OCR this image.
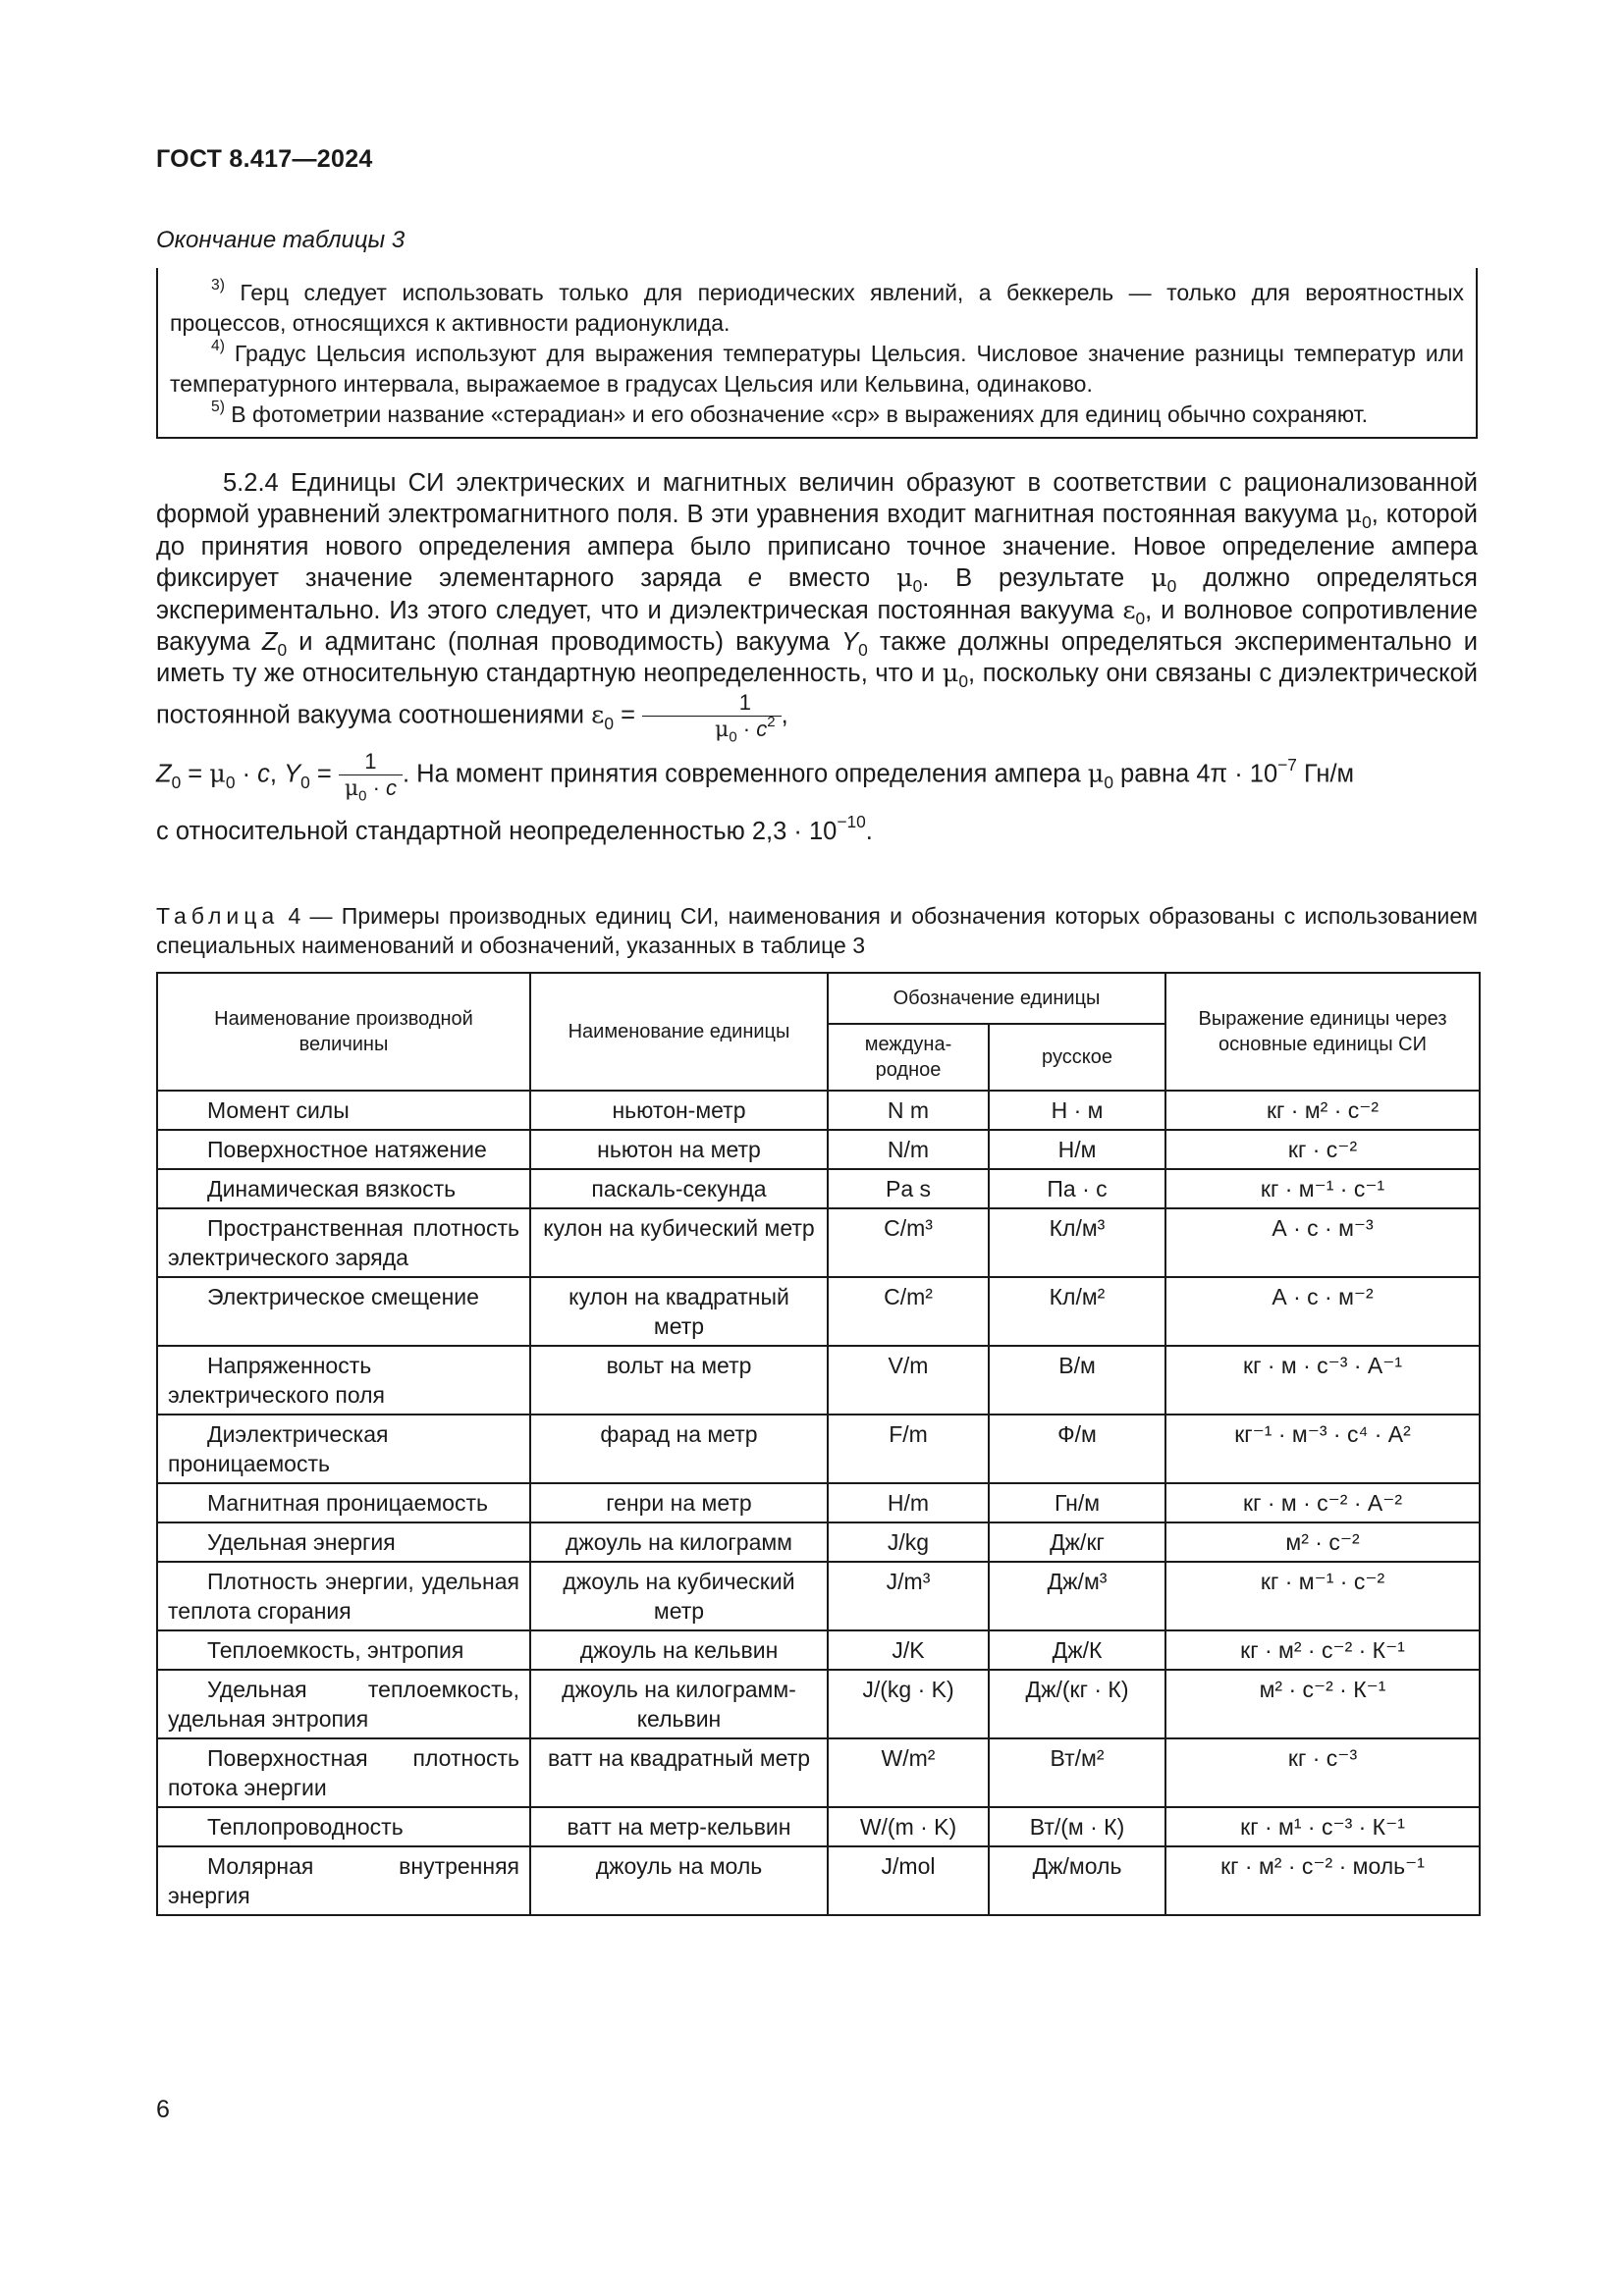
ГОСТ 8.417—2024
Окончание таблицы 3

$^{3)}$ Герц следует использовать только для периодических явлений, а беккерель — только для вероятностных процессов, относящихся к активности радионуклида.

$^{4)}$ Градус Цельсия используют для выражения температуры Цельсия. Числовое значение разницы температур или температурного интервала, выражаемое в градусах Цельсия или Кельвина, одинаково.

$^{5)}$ В фотометрии название «стерадиан» и его обозначение «ср» в выражениях для единиц обычно сохраняют.

5.2.4 Единицы СИ электрических и магнитных величин образуют в соответствии с рационализованной формой уравнений электромагнитного поля. В эти уравнения входит магнитная постоянная вакуума $\mu_0$, которой до принятия нового определения ампера было приписано точное значение. Новое определение ампера фиксирует значение элементарного заряда e вместо $\mu_0$. В результате $\mu_0$ должно определяться экспериментально. Из этого следует, что и диэлектрическая постоянная вакуума $\varepsilon_0$, и волновое сопротивление вакуума $Z_0$ и адмитанс (полная проводимость) вакуума $Y_0$ также должны определяться экспериментально и иметь ту же относительную стандартную неопределенность, что и $\mu_0$, поскольку они связаны с диэлектрической постоянной вакуума соотношениями $\varepsilon_0 = \frac{1}{\mu_0 \cdot c^2}$ ,

$Z_0 = \mu_0 \cdot c$, $Y_0 = \frac{1}{\mu_0 \cdot c}$ . На момент принятия современного определения ампера $\mu_0$ равна $4\pi \cdot 10^{-7}$ Гн/м

с относительной стандартной неопределенностью $2,3 \cdot 10^{-10}$.

Таблица 4 — Примеры производных единиц СИ, наименования и обозначения которых образованы с использованием специальных наименований и обозначений, указанных в таблице 3
Наименование производной величины	Наименование единицы	Обозначение единицы		Выражение единицы через основные единицы СИ
		междуна-родное	русское	

Момент силы	ньютон-метр	N m	Н · м	кг · м² · с⁻²

Поверхностное натяжение	ньютон на метр	N/m	Н/м	кг · с⁻²

Динамическая вязкость	паскаль-секунда	Pa s	Па · с	кг · м⁻¹ · с⁻¹

Пространственная плотность электрического заряда	кулон на кубический метр	C/m³	Кл/м³	А · с · м⁻³

Электрическое смещение	кулон на квадратный метр	C/m²	Кл/м²	А · с · м⁻²

Напряженность электрического поля	вольт на метр	V/m	В/м	кг · м · с⁻³ · А⁻¹

Диэлектрическая проницаемость	фарад на метр	F/m	Ф/м	кг⁻¹ · м⁻³ · с⁴ · А²

Магнитная проницаемость	генри на метр	H/m	Гн/м	кг · м · с⁻² · А⁻²

Удельная энергия	джоуль на килограмм	J/kg	Дж/кг	м² · с⁻²

Плотность энергии, удельная теплота сгорания	джоуль на кубический метр	J/m³	Дж/м³	кг · м⁻¹ · с⁻²

Теплоемкость, энтропия	джоуль на кельвин	J/K	Дж/К	кг · м² · с⁻² · К⁻¹

Удельная теплоемкость, удельная энтропия	джоуль на килограмм-кельвин	J/(kg · K)	Дж/(кг · К)	м² · с⁻² · К⁻¹

Поверхностная плотность потока энергии	ватт на квадратный метр	W/m²	Вт/м²	кг · с⁻³

Теплопроводность	ватт на метр-кельвин	W/(m · K)	Вт/(м · К)	кг · м¹ · с⁻³ · К⁻¹

Молярная внутренняя энергия	джоуль на моль	J/mol	Дж/моль	кг · м² · с⁻² · моль⁻¹
6
